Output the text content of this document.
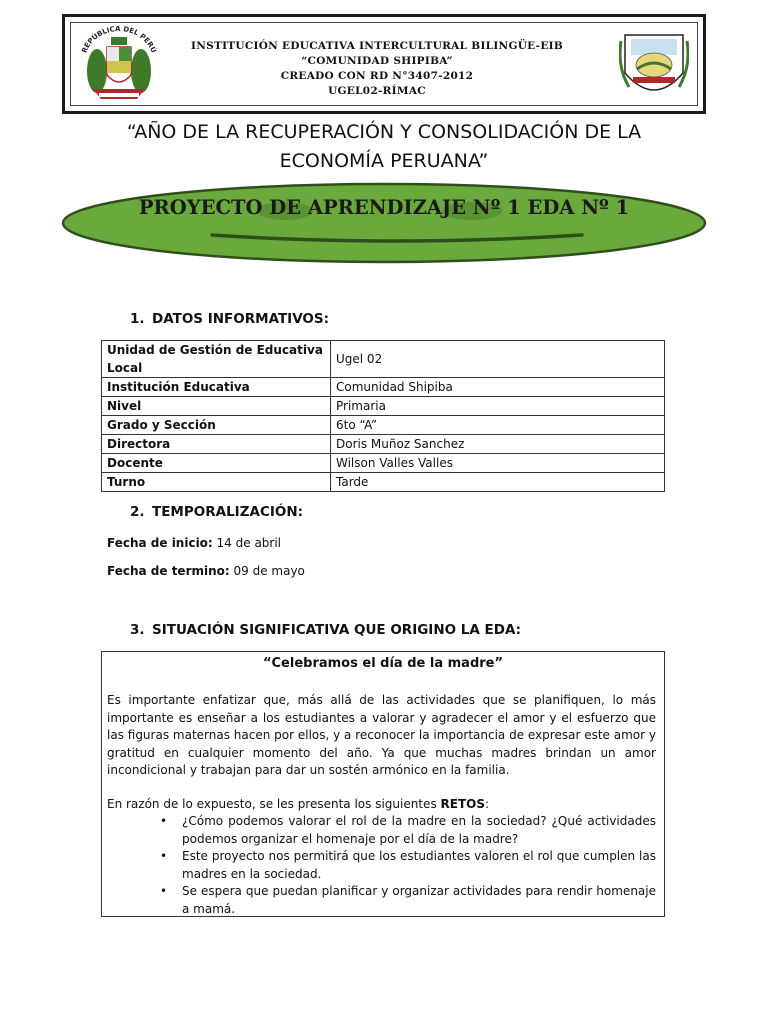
REPÚBLICA DEL PERÚ	INSTITUCIÓN EDUCATIVA INTERCULTURAL BILINGÜE-EIB
“COMUNIDAD SHIPIBA”
CREADO CON RD N°3407-2012
UGEL02-RÍMAC
“AÑO DE LA RECUPERACIÓN Y CONSOLIDACIÓN DE LA
ECONOMÍA PERUANA”
PROYECTO DE APRENDIZAJE Nº 1 EDA Nº 1
1. DATOS INFORMATIVOS:
Unidad de Gestión de Educativa Local	Ugel 02
Institución Educativa	Comunidad Shipiba
Nivel	Primaria
Grado y Sección	6to “A”
Directora	Doris Muñoz Sanchez
Docente	Wilson Valles Valles
Turno	Tarde
2. TEMPORALIZACIÓN:
Fecha de inicio: 14 de abril
Fecha de termino: 09 de mayo
3. SITUACIÓN SIGNIFICATIVA QUE ORIGINO LA EDA:
“Celebramos el día de la madre”
Es importante enfatizar que, más allá de las actividades que se planifiquen, lo más importante es enseñar a los estudiantes a valorar y agradecer el amor y el esfuerzo que las figuras maternas hacen por ellos, y a reconocer la importancia de expresar este amor y gratitud en cualquier momento del año. Ya que muchas madres brindan un amor incondicional y trabajan para dar un sostén armónico en la familia.
En razón de lo expuesto, se les presenta los siguientes RETOS:
• ¿Cómo podemos valorar el rol de la madre en la sociedad? ¿Qué actividades podemos organizar el homenaje por el día de la madre?
• Este proyecto nos permitirá que los estudiantes valoren el rol que cumplen las madres en la sociedad.
• Se espera que puedan planificar y organizar actividades para rendir homenaje a mamá.
